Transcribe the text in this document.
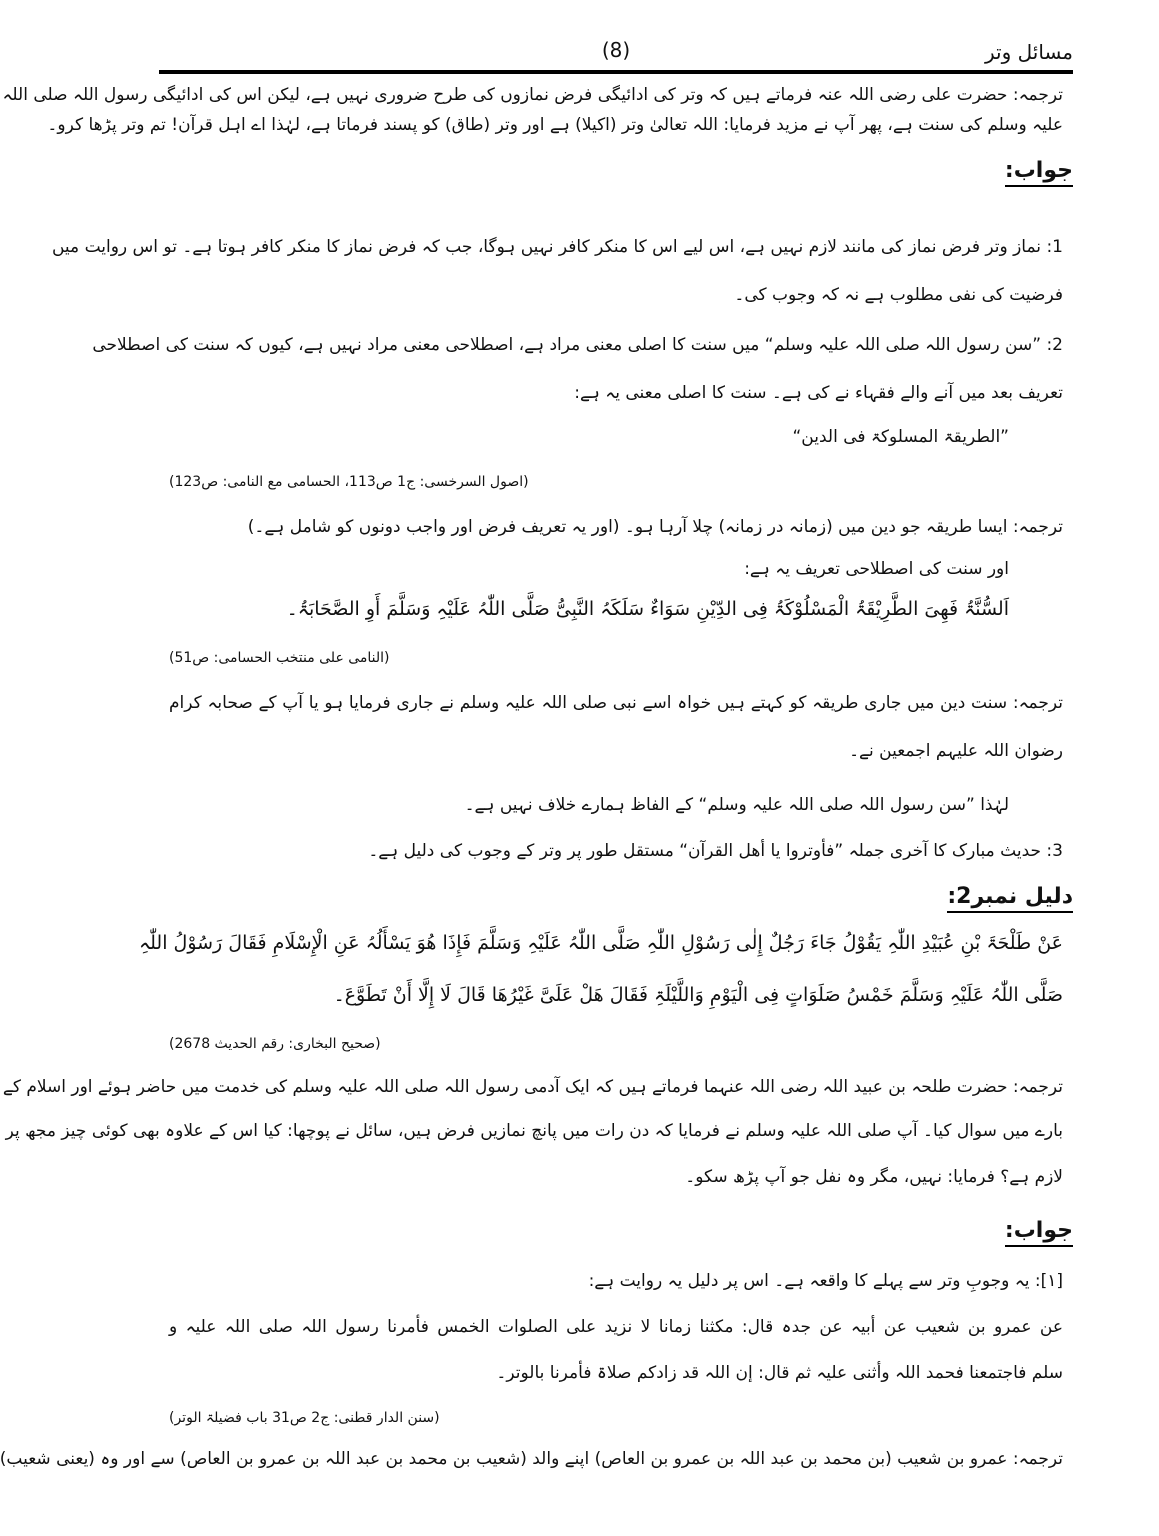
مسائل وتر
(8)
ترجمہ: حضرت علی رضی اللہ عنہ فرماتے ہیں کہ وتر کی ادائیگی فرض نمازوں کی طرح ضروری نہیں ہے، لیکن اس کی ادائیگی رسول اللہ صلی اللہ
علیہ وسلم کی سنت ہے، پھر آپ نے مزید فرمایا: اللہ تعالیٰ وتر (اکیلا) ہے اور وتر (طاق) کو پسند فرماتا ہے، لہٰذا اے اہل قرآن! تم وتر پڑھا کرو۔
جواب:
1: نماز وتر فرض نماز کی مانند لازم نہیں ہے، اس لیے اس کا منکر کافر نہیں ہوگا، جب کہ فرض نماز کا منکر کافر ہوتا ہے۔ تو اس روایت میں
فرضیت کی نفی مطلوب ہے نہ کہ وجوب کی۔
2: ”سن رسول اللہ صلی اللہ علیہ وسلم“ میں سنت کا اصلی معنی مراد ہے، اصطلاحی معنی مراد نہیں ہے، کیوں کہ سنت کی اصطلاحی
تعریف بعد میں آنے والے فقہاء نے کی ہے۔ سنت کا اصلی معنی یہ ہے:
”الطریقۃ المسلوکۃ فی الدین“
(اصول السرخسی: ج1 ص113، الحسامی مع النامی: ص123)
ترجمہ: ایسا طریقہ جو دین میں (زمانہ در زمانہ) چلا آرہا ہو۔ (اور یہ تعریف فرض اور واجب دونوں کو شامل ہے۔)
اور سنت کی اصطلاحی تعریف یہ ہے:
اَلسُّنَّۃُ فَھِیَ الطَّرِیْقَۃُ الْمَسْلُوْکَۃُ فِی الدِّیْنِ سَوَاءٌ سَلَکَہُ النَّبِیُّ صَلَّی اللّٰہُ عَلَیْہِ وَسَلَّمَ أَوِ الصَّحَابَۃُ۔
(النامی علی منتخب الحسامی: ص51)
ترجمہ: سنت دین میں جاری طریقہ کو کہتے ہیں خواہ اسے نبی صلی اللہ علیہ وسلم نے جاری فرمایا ہو یا آپ کے صحابہ کرام
رضوان اللہ علیہم اجمعین نے۔
لہٰذا ”سن رسول اللہ صلی اللہ علیہ وسلم“ کے الفاظ ہمارے خلاف نہیں ہے۔
3: حدیث مبارک کا آخری جملہ ”فأوتروا یا أھل القرآن“ مستقل طور پر وتر کے وجوب کی دلیل ہے۔
دلیل نمبر2:
عَنْ طَلْحَۃَ بْنِ عُبَیْدِ اللّٰہِ یَقُوْلُ جَاءَ رَجُلٌ إِلٰی رَسُوْلِ اللّٰہِ صَلَّی اللّٰہُ عَلَیْہِ وَسَلَّمَ فَإِذَا ھُوَ یَسْأَلُہُ عَنِ الْإِسْلَامِ فَقَالَ رَسُوْلُ اللّٰہِ
صَلَّی اللّٰہُ عَلَیْہِ وَسَلَّمَ خَمْسُ صَلَوَاتٍ فِی الْیَوْمِ وَاللَّیْلَۃِ فَقَالَ ھَلْ عَلَیَّ غَیْرُھَا قَالَ لَا إِلَّا أَنْ تَطَوَّعَ۔
(صحیح البخاری: رقم الحدیث 2678)
ترجمہ: حضرت طلحہ بن عبید اللہ رضی اللہ عنہما فرماتے ہیں کہ ایک آدمی رسول اللہ صلی اللہ علیہ وسلم کی خدمت میں حاضر ہوئے اور اسلام کے
بارے میں سوال کیا۔ آپ صلی اللہ علیہ وسلم نے فرمایا کہ دن رات میں پانچ نمازیں فرض ہیں، سائل نے پوچھا: کیا اس کے علاوہ بھی کوئی چیز مجھ پر
لازم ہے؟ فرمایا: نہیں، مگر وہ نفل جو آپ پڑھ سکو۔
جواب:
[۱]: یہ وجوبِ وتر سے پہلے کا واقعہ ہے۔ اس پر دلیل یہ روایت ہے:
عن عمرو بن شعیب عن أبیہ عن جدہ قال: مکثنا زمانا لا نزید علی الصلوات الخمس فأمرنا رسول اللہ صلی اللہ علیہ و
سلم فاجتمعنا فحمد اللہ وأثنی علیہ ثم قال: إن اللہ قد زادکم صلاۃ فأمرنا بالوتر۔
(سنن الدار قطنی: ج2 ص31 باب فضیلۃ الوتر)
ترجمہ: عمرو بن شعیب (بن محمد بن عبد اللہ بن عمرو بن العاص) اپنے والد (شعیب بن محمد بن عبد اللہ بن عمرو بن العاص) سے اور وہ (یعنی شعیب)
